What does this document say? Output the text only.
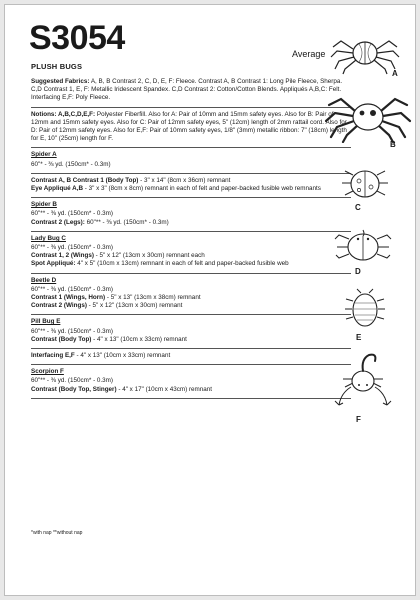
S3054
PLUSH BUGS
Average

Suggested Fabrics: A, B, B Contrast 2, C, D, E, F: Fleece. Contrast A, B Contrast 1: Long Pile Fleece, Sherpa. C,D Contrast 1, E, F: Metallic Iridescent Spandex. C,D Contrast 2: Cotton/Cotton Blends. Appliqués A,B,C: Felt. Interfacing E,F: Poly Fleece.

Notions: A,B,C,D,E,F: Polyester Fiberfill. Also for A: Pair of 10mm and 15mm safety eyes. Also for B: Pair of 12mm and 15mm safety eyes. Also for C: Pair of 12mm safety eyes, 5" (12cm) length of 2mm rattail cord. Also for D: Pair of 12mm safety eyes. Also for E,F: Pair of 10mm safety eyes, 1/8" (3mm) metallic ribbon: 7" (18cm) length for E, 10" (25cm) length for F.

Spider A

60"* - ⅜ yd. (150cm* - 0.3m)

Contrast A, B Contrast 1 (Body Top) - 3" x 14" (8cm x 36cm) remnant

Eye Appliqué A,B - 3" x 3" (8cm x 8cm) remnant in each of felt and paper-backed fusible web remnants

Spider B

60"** - ⅜ yd. (150cm* - 0.3m)

Contrast 2 (Legs): 60"** - ⅜ yd. (150cm* - 0.3m)

Lady Bug C

60"** - ⅜ yd. (150cm* - 0.3m)

Contrast 1, 2 (Wings) - 5" x 12" (13cm x 30cm) remnant each

Spot Appliqué: 4" x 5" (10cm x 13cm) remnant in each of felt and paper-backed fusible web

Beetle D

60"** - ⅜ yd. (150cm* - 0.3m)

Contrast 1 (Wings, Horn) - 5" x 13" (13cm x 38cm) remnant

Contrast 2 (Wings) - 5" x 12" (13cm x 30cm) remnant

Pill Bug E

60"** - ⅜ yd. (150cm* - 0.3m)

Contrast (Body Top) - 4" x 13" (10cm x 33cm) remnant

Interfacing E,F - 4" x 13" (10cm x 33cm) remnant

Scorpion F

60"** - ⅜ yd. (150cm* - 0.3m)

Contrast (Body Top, Stinger) - 4" x 17" (10cm x 43cm) remnant

*with nap **without nap
A
B
C
D
E
F
